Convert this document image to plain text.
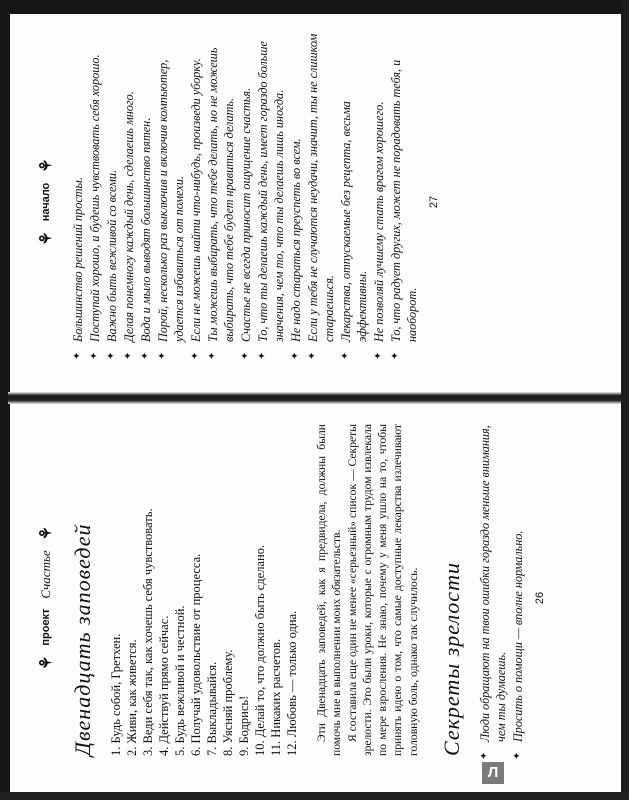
⚘
начало
⚘
✦ Большинство решений просты. ✦ Поступай хорошо, и будешь чувствовать себя хорошо. ✦ Важно быть вежливой со всеми. ✦ Делая понемногу каждый день, сделаешь много. ✦ Вода и мыло выводят большинство пятен. ✦ Порой, несколько раз выключив и включив компьютер, удается избавиться от помехи. ✦ Если не можешь найти что-нибудь, произведи уборку. ✦ Ты можешь выбирать, что тебе делать, но не можешь выбирать, что тебе будет нравиться делать. ✦ Счастье не всегда приносит ощущение счастья. ✦ То, что ты делаешь каждый день, имеет гораздо больше значения, чем то, что ты делаешь лишь иногда. ✦ Не надо стараться преуспеть во всем. ✦ Если у тебя не случаются неудачи, значит, ты не слишком стараешься. ✦ Лекарства, отпускаемые без рецепта, весьма эффективны. ✦ Не позволяй лучшему стать врагом хорошего. ✦ То, что радует других, может не порадовать тебя, и наоборот.
27
⚘
проект
Счастье
⚘ Двенадцать заповедей 1. Будь собой, Гретхен. 2. Живи, как живется. 3. Веди себя так, как хочешь себя чувствовать. 4. Действуй прямо сейчас. 5. Будь вежливой и честной. 6. Получай удовольствие от процесса. 7. Выкладывайся. 8. Уясняй проблему. 9. Бодрись! 10. Делай то, что должно быть сделано. 11. Никаких расчетов. 12. Любовь — только одна. Эти Двенадцать заповедей, как я предвидела, должны были помочь мне в выполнении моих обязательств. Я составила еще один не менее «серьезный» список — Секреты зрелости. Это были уроки, которые с огромным трудом извлекала по мере взросления. Не знаю, почему у меня ушло на то, чтобы принять идею о том, что самые доступные лекарства излечивают головную боль, однако так случилось. Секреты зрелости ✦ Люди обращают на твои ошибки гораздо меньше внимания, чем ты думаешь. ✦ Просить о помощи — вполне нормально. 26
Л
